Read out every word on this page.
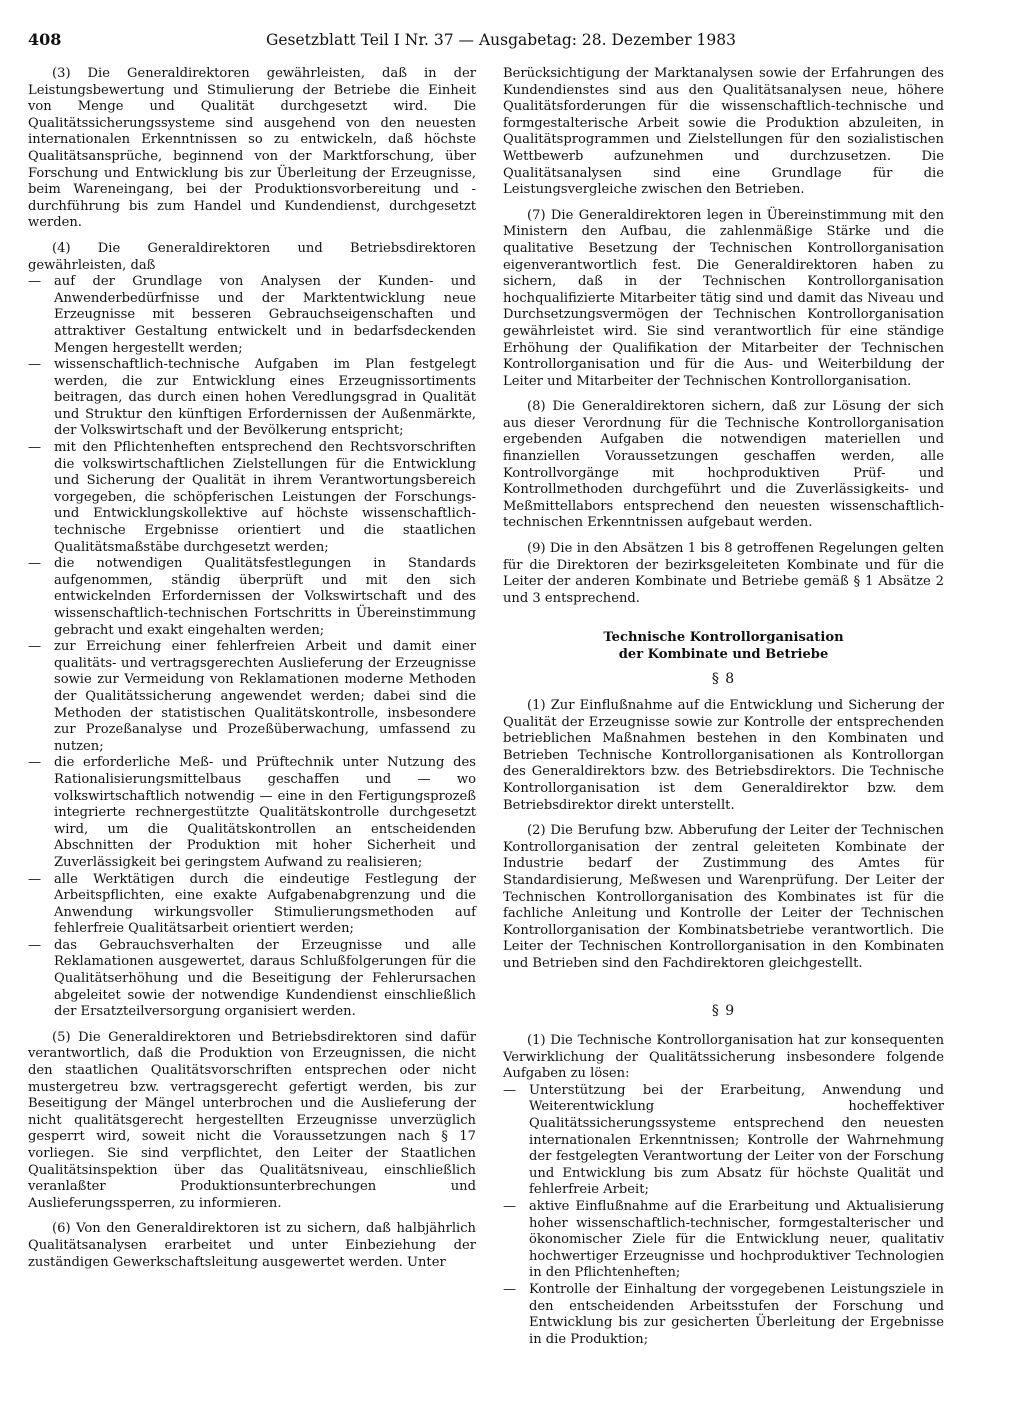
408	Gesetzblatt Teil I Nr. 37 — Ausgabetag: 28. Dezember 1983

(3) Die Generaldirektoren gewährleisten, daß in der Leistungsbewertung und Stimulierung der Betriebe die Einheit von Menge und Qualität durchgesetzt wird. Die Qualitätssicherungssysteme sind ausgehend von den neuesten internationalen Erkenntnissen so zu entwickeln, daß höchste Qualitätsansprüche, beginnend von der Marktforschung, über Forschung und Entwicklung bis zur Überleitung der Erzeugnisse, beim Wareneingang, bei der Produktionsvorbereitung und -durchführung bis zum Handel und Kundendienst, durchgesetzt werden.

(4) Die Generaldirektoren und Betriebsdirektoren gewährleisten, daß

— auf der Grundlage von Analysen der Kunden- und Anwenderbedürfnisse und der Marktentwicklung neue Erzeugnisse mit besseren Gebrauchseigenschaften und attraktiver Gestaltung entwickelt und in bedarfsdeckenden Mengen hergestellt werden;
— wissenschaftlich-technische Aufgaben im Plan festgelegt werden, die zur Entwicklung eines Erzeugnissortiments beitragen, das durch einen hohen Veredlungsgrad in Qualität und Struktur den künftigen Erfordernissen der Außenmärkte, der Volkswirtschaft und der Bevölkerung entspricht;
— mit den Pflichtenheften entsprechend den Rechtsvorschriften die volkswirtschaftlichen Zielstellungen für die Entwicklung und Sicherung der Qualität in ihrem Verantwortungsbereich vorgegeben, die schöpferischen Leistungen der Forschungs- und Entwicklungskollektive auf höchste wissenschaftlich-technische Ergebnisse orientiert und die staatlichen Qualitätsmaßstäbe durchgesetzt werden;
— die notwendigen Qualitätsfestlegungen in Standards aufgenommen, ständig überprüft und mit den sich entwickelnden Erfordernissen der Volkswirtschaft und des wissenschaftlich-technischen Fortschritts in Übereinstimmung gebracht und exakt eingehalten werden;
— zur Erreichung einer fehlerfreien Arbeit und damit einer qualitäts- und vertragsgerechten Auslieferung der Erzeugnisse sowie zur Vermeidung von Reklamationen moderne Methoden der Qualitätssicherung angewendet werden; dabei sind die Methoden der statistischen Qualitätskontrolle, insbesondere zur Prozeßanalyse und Prozeßüberwachung, umfassend zu nutzen;
— die erforderliche Meß- und Prüftechnik unter Nutzung des Rationalisierungsmittelbaus geschaffen und — wo volkswirtschaftlich notwendig — eine in den Fertigungsprozeß integrierte rechnergestützte Qualitätskontrolle durchgesetzt wird, um die Qualitätskontrollen an entscheidenden Abschnitten der Produktion mit hoher Sicherheit und Zuverlässigkeit bei geringstem Aufwand zu realisieren;
— alle Werktätigen durch die eindeutige Festlegung der Arbeitspflichten, eine exakte Aufgabenabgrenzung und die Anwendung wirkungsvoller Stimulierungsmethoden auf fehlerfreie Qualitätsarbeit orientiert werden;
— das Gebrauchsverhalten der Erzeugnisse und alle Reklamationen ausgewertet, daraus Schlußfolgerungen für die Qualitätserhöhung und die Beseitigung der Fehlerursachen abgeleitet sowie der notwendige Kundendienst einschließlich der Ersatzteilversorgung organisiert werden.

(5) Die Generaldirektoren und Betriebsdirektoren sind dafür verantwortlich, daß die Produktion von Erzeugnissen, die nicht den staatlichen Qualitätsvorschriften entsprechen oder nicht mustergetreu bzw. vertragsgerecht gefertigt werden, bis zur Beseitigung der Mängel unterbrochen und die Auslieferung der nicht qualitätsgerecht hergestellten Erzeugnisse unverzüglich gesperrt wird, soweit nicht die Voraussetzungen nach § 17 vorliegen. Sie sind verpflichtet, den Leiter der Staatlichen Qualitätsinspektion über das Qualitätsniveau, einschließlich veranlaßter Produktionsunterbrechungen und Auslieferungssperren, zu informieren.

(6) Von den Generaldirektoren ist zu sichern, daß halbjährlich Qualitätsanalysen erarbeitet und unter Einbeziehung der zuständigen Gewerkschaftsleitung ausgewertet werden. Unter

Berücksichtigung der Marktanalysen sowie der Erfahrungen des Kundendienstes sind aus den Qualitätsanalysen neue, höhere Qualitätsforderungen für die wissenschaftlich-technische und formgestalterische Arbeit sowie die Produktion abzuleiten, in Qualitätsprogrammen und Zielstellungen für den sozialistischen Wettbewerb aufzunehmen und durchzusetzen. Die Qualitätsanalysen sind eine Grundlage für die Leistungsvergleiche zwischen den Betrieben.

(7) Die Generaldirektoren legen in Übereinstimmung mit den Ministern den Aufbau, die zahlenmäßige Stärke und die qualitative Besetzung der Technischen Kontrollorganisation eigenverantwortlich fest. Die Generaldirektoren haben zu sichern, daß in der Technischen Kontrollorganisation hochqualifizierte Mitarbeiter tätig sind und damit das Niveau und Durchsetzungsvermögen der Technischen Kontrollorganisation gewährleistet wird. Sie sind verantwortlich für eine ständige Erhöhung der Qualifikation der Mitarbeiter der Technischen Kontrollorganisation und für die Aus- und Weiterbildung der Leiter und Mitarbeiter der Technischen Kontrollorganisation.

(8) Die Generaldirektoren sichern, daß zur Lösung der sich aus dieser Verordnung für die Technische Kontrollorganisation ergebenden Aufgaben die notwendigen materiellen und finanziellen Voraussetzungen geschaffen werden, alle Kontrollvorgänge mit hochproduktiven Prüf- und Kontrollmethoden durchgeführt und die Zuverlässigkeits- und Meßmittellabors entsprechend den neuesten wissenschaftlich-technischen Erkenntnissen aufgebaut werden.

(9) Die in den Absätzen 1 bis 8 getroffenen Regelungen gelten für die Direktoren der bezirksgeleiteten Kombinate und für die Leiter der anderen Kombinate und Betriebe gemäß § 1 Absätze 2 und 3 entsprechend.

Technische Kontrollorganisation
der Kombinate und Betriebe
§ 8

(1) Zur Einflußnahme auf die Entwicklung und Sicherung der Qualität der Erzeugnisse sowie zur Kontrolle der entsprechenden betrieblichen Maßnahmen bestehen in den Kombinaten und Betrieben Technische Kontrollorganisationen als Kontrollorgan des Generaldirektors bzw. des Betriebsdirektors. Die Technische Kontrollorganisation ist dem Generaldirektor bzw. dem Betriebsdirektor direkt unterstellt.

(2) Die Berufung bzw. Abberufung der Leiter der Technischen Kontrollorganisation der zentral geleiteten Kombinate der Industrie bedarf der Zustimmung des Amtes für Standardisierung, Meßwesen und Warenprüfung. Der Leiter der Technischen Kontrollorganisation des Kombinates ist für die fachliche Anleitung und Kontrolle der Leiter der Technischen Kontrollorganisation der Kombinatsbetriebe verantwortlich. Die Leiter der Technischen Kontrollorganisation in den Kombinaten und Betrieben sind den Fachdirektoren gleichgestellt.

§ 9

(1) Die Technische Kontrollorganisation hat zur konsequenten Verwirklichung der Qualitätssicherung insbesondere folgende Aufgaben zu lösen:

— Unterstützung bei der Erarbeitung, Anwendung und Weiterentwicklung hocheffektiver Qualitätssicherungssysteme entsprechend den neuesten internationalen Erkenntnissen; Kontrolle der Wahrnehmung der festgelegten Verantwortung der Leiter von der Forschung und Entwicklung bis zum Absatz für höchste Qualität und fehlerfreie Arbeit;
— aktive Einflußnahme auf die Erarbeitung und Aktualisierung hoher wissenschaftlich-technischer, formgestalterischer und ökonomischer Ziele für die Entwicklung neuer, qualitativ hochwertiger Erzeugnisse und hochproduktiver Technologien in den Pflichtenheften;
— Kontrolle der Einhaltung der vorgegebenen Leistungsziele in den entscheidenden Arbeitsstufen der Forschung und Entwicklung bis zur gesicherten Überleitung der Ergebnisse in die Produktion;
